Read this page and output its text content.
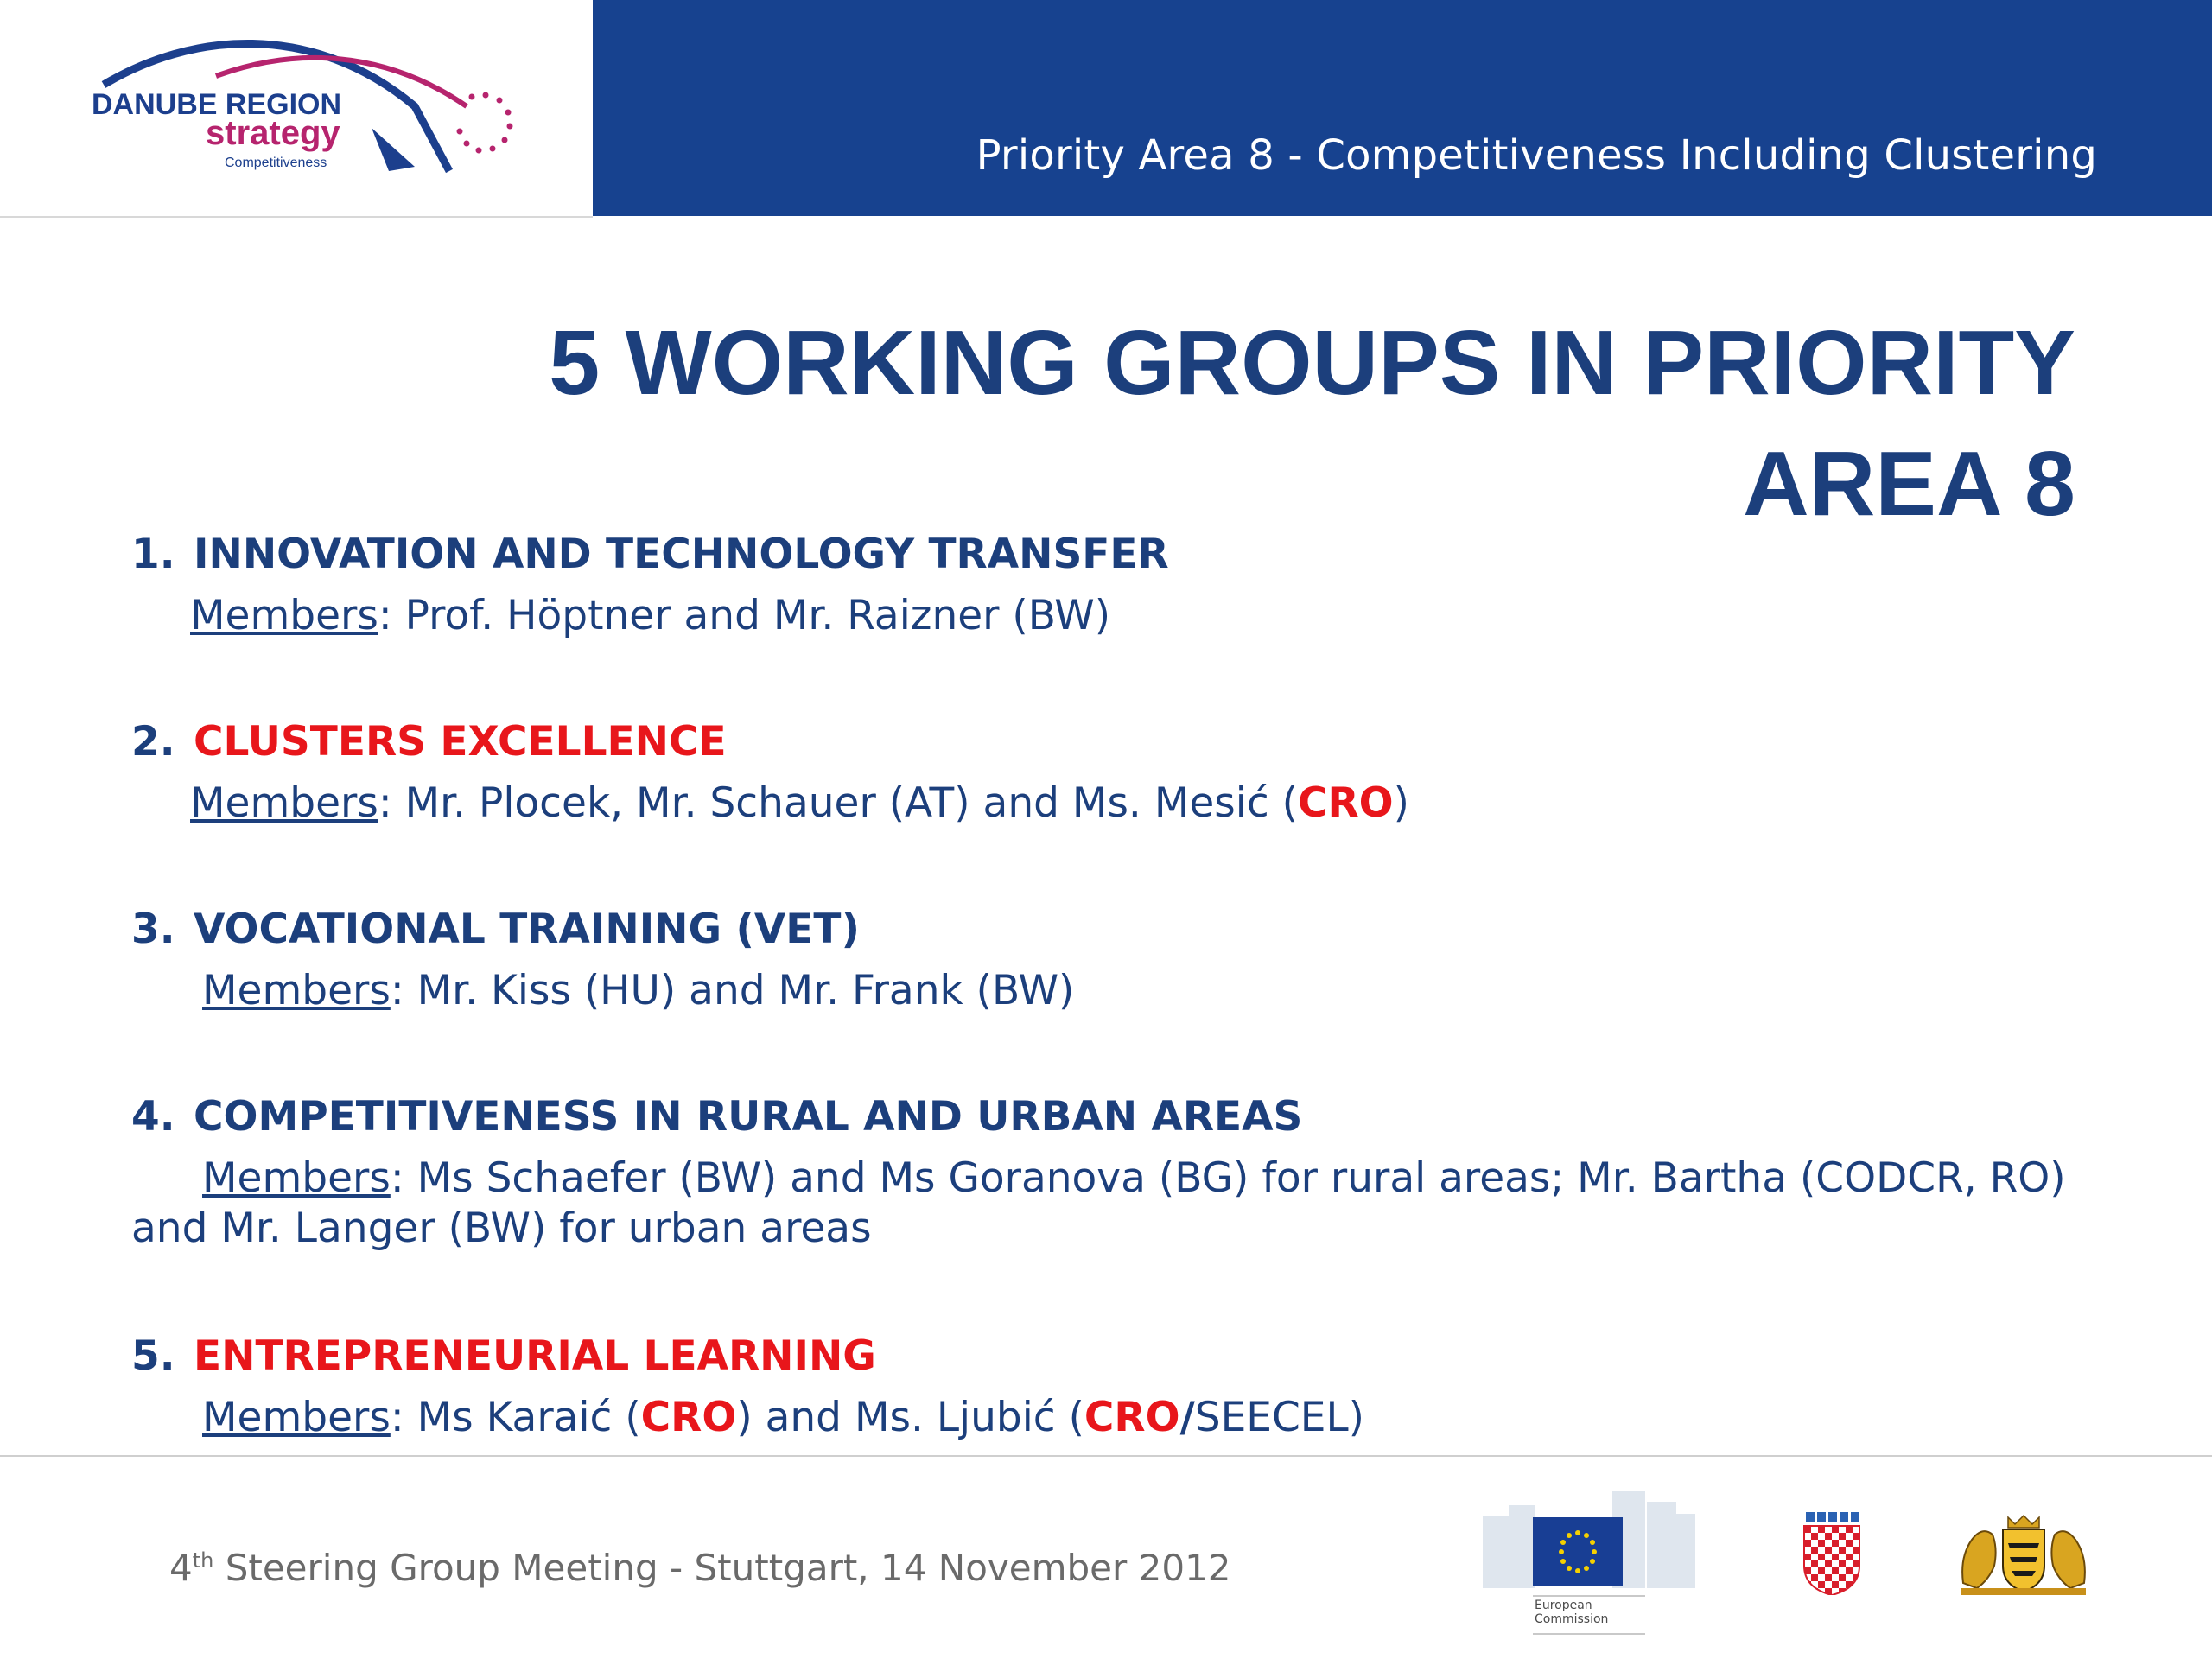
DANUBE REGION
strategy
Competitiveness	Priority Area 8 - Competitiveness Including Clustering
5 WORKING GROUPS IN PRIORITY
AREA 8
1. INNOVATION AND TECHNOLOGY TRANSFER
Members: Prof. Höptner and Mr. Raizner (BW)
2. CLUSTERS EXCELLENCE
Members: Mr. Plocek, Mr. Schauer (AT) and Ms. Mesić (CRO)
3. VOCATIONAL TRAINING (VET)
Members: Mr. Kiss (HU) and Mr. Frank (BW)
4. COMPETITIVENESS IN RURAL AND URBAN AREAS
Members: Ms Schaefer (BW) and Ms Goranova (BG) for rural areas; Mr. Bartha (CODCR, RO) and Mr. Langer (BW) for urban areas
5. ENTREPRENEURIAL LEARNING
Members: Ms Karaić (CRO) and Ms. Ljubić (CRO/SEECEL)
4th Steering Group Meeting - Stuttgart, 14 November 2012
European
Commission
